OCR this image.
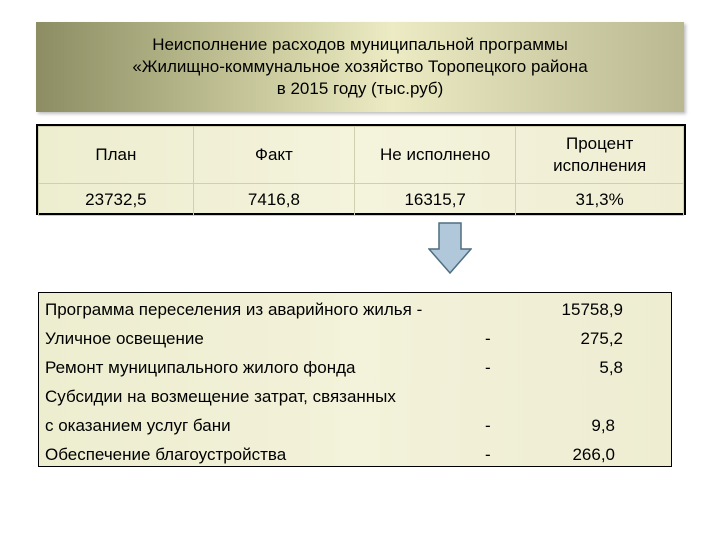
Неисполнение расходов муниципальной программы
«Жилищно-коммунальное хозяйство Торопецкого района
в 2015 году (тыс.руб)
План	Факт	Не исполнено	Процент исполнения
23732,5	7416,8	16315,7	31,3%
Программа переселения из аварийного жилья -	15758,9
Уличное освещение	-	275,2
Ремонт муниципального жилого фонда	-	5,8
Субсидии на возмещение затрат, связанных
с оказанием услуг бани	-	9,8
Обеспечение благоустройства	-	266,0
